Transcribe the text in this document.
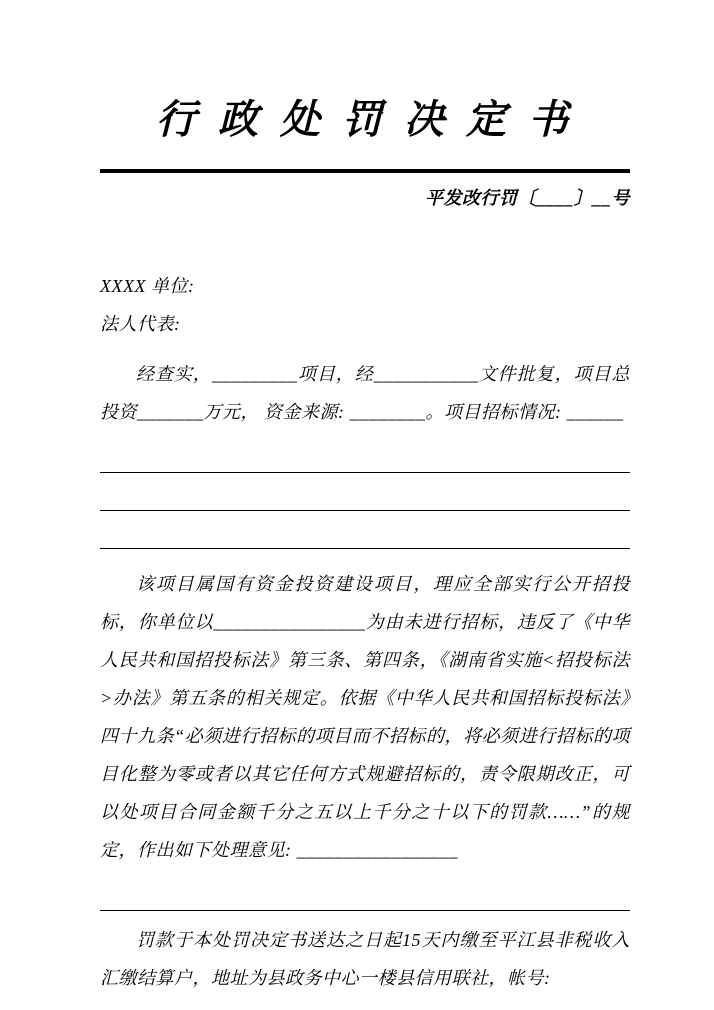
行 政 处 罚 决 定 书
平发改行罚〔____〕__号
XXXX 单位:
法人代表:

经查实，_________项目，经___________文件批复，项目总投资_______万元， 资金来源: ________。项目招标情况: ______

该项目属国有资金投资建设项目，理应全部实行公开招投标，你单位以________________为由未进行招标，违反了《中华人民共和国招投标法》第三条、第四条，《湖南省实施<招投标法>办法》第五条的相关规定。依据《中华人民共和国招标投标法》四十九条“必须进行招标的项目而不招标的，将必须进行招标的项目化整为零或者以其它任何方式规避招标的，责令限期改正，可以处项目合同金额千分之五以上千分之十以下的罚款……”的规定，作出如下处理意见: _________________

罚款于本处罚决定书送达之日起15天内缴至平江县非税收入汇缴结算户，地址为县政务中心一楼县信用联社，帐号:
